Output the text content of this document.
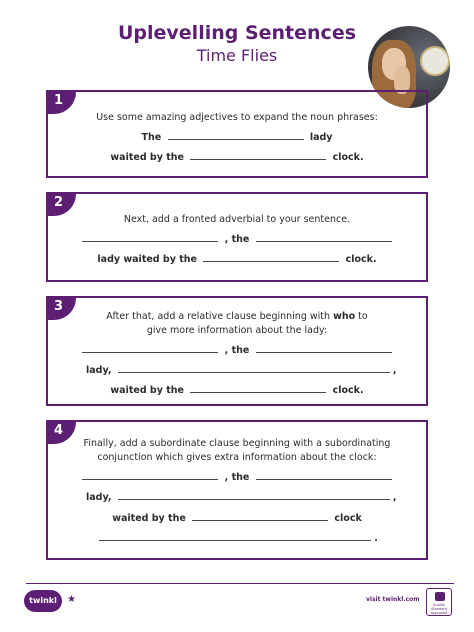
Uplevelling Sentences
Time Flies
1
Use some amazing adjectives to expand the noun phrases:
The	lady
waited by the	clock.
2
Next, add a fronted adverbial to your sentence.
, the
lady waited by the	clock.
3
After that, add a relative clause beginning with who to
give more information about the lady:
, the
lady,	,
waited by the	clock.
4
Finally, add a subordinate clause beginning with a subordinating
conjunction which gives extra information about the clock:
, the
lady,	,
waited by the	clock
.
twinkl	★	visit twinkl.com
Quality Standard Approved
